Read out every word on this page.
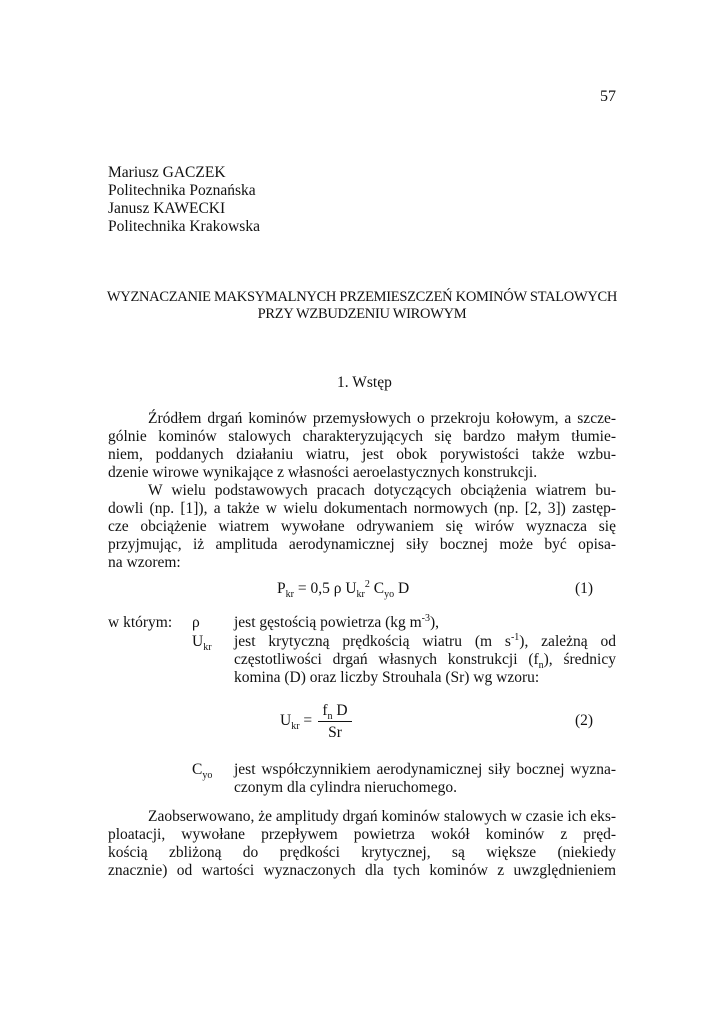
57
Mariusz GACZEK
Politechnika Poznańska
Janusz KAWECKI
Politechnika Krakowska
WYZNACZANIE MAKSYMALNYCH PRZEMIESZCZEŃ KOMINÓW STALOWYCH
PRZY WZBUDZENIU WIROWYM
1. Wstęp
Źródłem drgań kominów przemysłowych o przekroju kołowym, a szcze-
gólnie kominów stalowych charakteryzujących się bardzo małym tłumie-
niem, poddanych działaniu wiatru, jest obok porywistości także wzbu-
dzenie wirowe wynikające z własności aeroelastycznych konstrukcji.
W wielu podstawowych pracach dotyczących obciążenia wiatrem bu-
dowli (np. [1]), a także w wielu dokumentach normowych (np. [2, 3]) zastęp-
cze obciążenie wiatrem wywołane odrywaniem się wirów wyznacza się
przyjmując, iż amplituda aerodynamicznej siły bocznej może być opisa-
na wzorem:
$P_{kr} = 0,5$ ρ $U_{kr}^2$ $C_{yo}$ D	(1)
w którym: ρ jest gęstością powietrza (kg $m^{-3}$),
$U_{kr}$ jest krytyczną prędkością wiatru (m $s^{-1}$), zależną od
częstotliwości drgań własnych konstrukcji $(f_n)$, średnicy
komina (D) oraz liczby Strouhala (Sr) wg wzoru:
$U_{kr} = \frac{f_n D}{Sr}$	(2)
$C_{yo}$ jest współczynnikiem aerodynamicznej siły bocznej wyzna-
czonym dla cylindra nieruchomego.
Zaobserwowano, że amplitudy drgań kominów stalowych w czasie ich eks-
ploatacji, wywołane przepływem powietrza wokół kominów z pręd-
kością zbliżoną do prędkości krytycznej, są większe (niekiedy
znacznie) od wartości wyznaczonych dla tych kominów z uwzględnieniem
